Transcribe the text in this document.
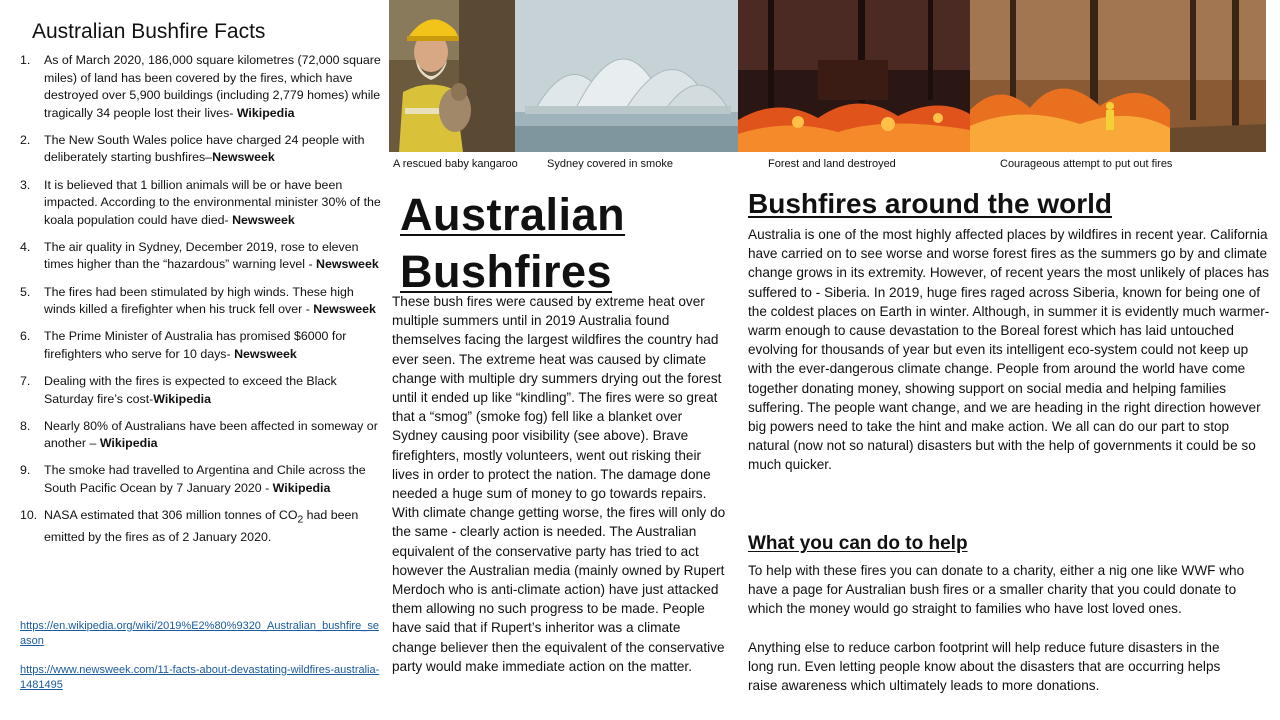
Australian Bushfire Facts
1. As of March 2020, 186,000 square kilometres (72,000 square miles) of land has been covered by the fires, which have destroyed over 5,900 buildings (including 2,779 homes) while tragically 34 people lost their lives- Wikipedia
2. The New South Wales police have charged 24 people with deliberately starting bushfires–Newsweek
3. It is believed that 1 billion animals will be or have been impacted. According to the environmental minister 30% of the koala population could have died- Newsweek
4. The air quality in Sydney, December 2019, rose to eleven times higher than the “hazardous” warning level - Newsweek
5. The fires had been stimulated by high winds. These high winds killed a firefighter when his truck fell over - Newsweek
6. The Prime Minister of Australia has promised $6000 for firefighters who serve for 10 days- Newsweek
7. Dealing with the fires is expected to exceed the Black Saturday fire’s cost-Wikipedia
8. Nearly 80% of Australians have been affected in someway or another – Wikipedia
9. The smoke had travelled to Argentina and Chile across the South Pacific Ocean by 7 January 2020 - Wikipedia
10. NASA estimated that 306 million tonnes of $CO_2$ had been emitted by the fires as of 2 January 2020.
https://en.wikipedia.org/wiki/2019%E2%80%9320_Australian_bushfire_season
https://www.newsweek.com/11-facts-about-devastating-wildfires-australia-1481495
A rescued baby kangaroo	Sydney covered in smoke	Forest and land destroyed	Courageous attempt to put out fires
Australian Bushfires

These bush fires were caused by extreme heat over multiple summers until in 2019 Australia found themselves facing the largest wildfires the country had ever seen. The extreme heat was caused by climate change with multiple dry summers drying out the forest until it ended up like “kindling”. The fires were so great that a “smog” (smoke fog) fell like a blanket over Sydney causing poor visibility (see above). Brave firefighters, mostly volunteers, went out risking their lives in order to protect the nation. The damage done needed a huge sum of money to go towards repairs. With climate change getting worse, the fires will only do the same - clearly action is needed. The Australian equivalent of the conservative party has tried to act however the Australian media (mainly owned by Rupert Merdoch who is anti-climate action) have just attacked them allowing no such progress to be made. People have said that if Rupert’s inheritor was a climate change believer then the equivalent of the conservative party would make immediate action on the matter.

Bushfires around the world

Australia is one of the most highly affected places by wildfires in recent year. California have carried on to see worse and worse forest fires as the summers go by and climate change grows in its extremity. However, of recent years the most unlikely of places has suffered to - Siberia. In 2019, huge fires raged across Siberia, known for being one of the coldest places on Earth in winter. Although, in summer it is evidently much warmer- warm enough to cause devastation to the Boreal forest which has laid untouched evolving for thousands of year but even its intelligent eco-system could not keep up with the ever-dangerous climate change. People from around the world have come together donating money, showing support on social media and helping families suffering. The people want change, and we are heading in the right direction however big powers need to take the hint and make action. We all can do our part to stop natural (now not so natural) disasters but with the help of governments it could be so much quicker.

What you can do to help

To help with these fires you can donate to a charity, either a nig one like WWF who have a page for Australian bush fires or a smaller charity that you could donate to which the money would go straight to families who have lost loved ones.

Anything else to reduce carbon footprint will help reduce future disasters in the long run. Even letting people know about the disasters that are occurring helps raise awareness which ultimately leads to more donations.
